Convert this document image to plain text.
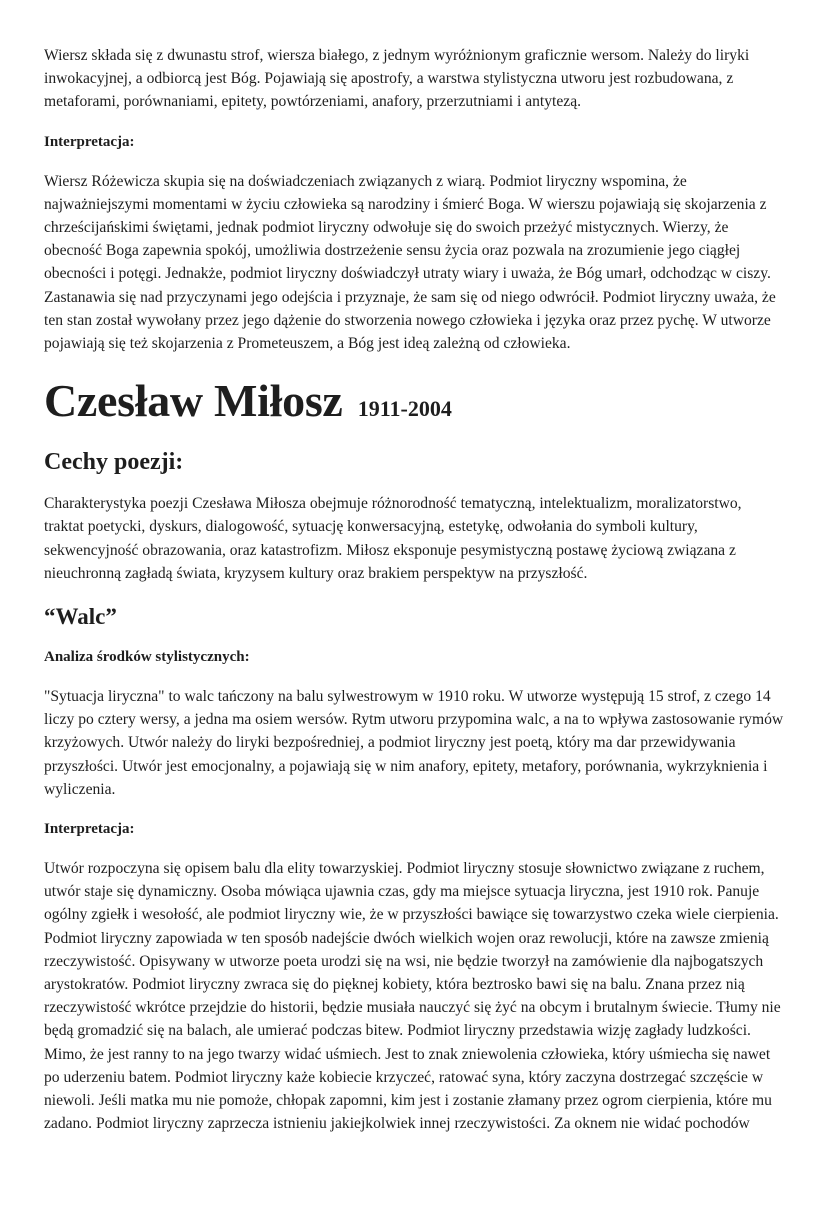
Wiersz składa się z dwunastu strof, wiersza białego, z jednym wyróżnionym graficznie wersom. Należy do liryki inwokacyjnej, a odbiorcą jest Bóg. Pojawiają się apostrofy, a warstwa stylistyczna utworu jest rozbudowana, z metaforami, porównaniami, epitety, powtórzeniami, anafory, przerzutniami i antytezą.

Interpretacja:

Wiersz Różewicza skupia się na doświadczeniach związanych z wiarą. Podmiot liryczny wspomina, że najważniejszymi momentami w życiu człowieka są narodziny i śmierć Boga. W wierszu pojawiają się skojarzenia z chrześcijańskimi świętami, jednak podmiot liryczny odwołuje się do swoich przeżyć mistycznych. Wierzy, że obecność Boga zapewnia spokój, umożliwia dostrzeżenie sensu życia oraz pozwala na zrozumienie jego ciągłej obecności i potęgi. Jednakże, podmiot liryczny doświadczył utraty wiary i uważa, że Bóg umarł, odchodząc w ciszy. Zastanawia się nad przyczynami jego odejścia i przyznaje, że sam się od niego odwrócił. Podmiot liryczny uważa, że ten stan został wywołany przez jego dążenie do stworzenia nowego człowieka i języka oraz przez pychę. W utworze pojawiają się też skojarzenia z Prometeuszem, a Bóg jest ideą zależną od człowieka.

Czesław Miłosz 1911-2004
Cechy poezji:

Charakterystyka poezji Czesława Miłosza obejmuje różnorodność tematyczną, intelektualizm, moralizatorstwo, traktat poetycki, dyskurs, dialogowość, sytuację konwersacyjną, estetykę, odwołania do symboli kultury, sekwencyjność obrazowania, oraz katastrofizm. Miłosz eksponuje pesymistyczną postawę życiową związana z nieuchronną zagładą świata, kryzysem kultury oraz brakiem perspektyw na przyszłość.

“Walc”

Analiza środków stylistycznych:

"Sytuacja liryczna" to walc tańczony na balu sylwestrowym w 1910 roku. W utworze występują 15 strof, z czego 14 liczy po cztery wersy, a jedna ma osiem wersów. Rytm utworu przypomina walc, a na to wpływa zastosowanie rymów krzyżowych. Utwór należy do liryki bezpośredniej, a podmiot liryczny jest poetą, który ma dar przewidywania przyszłości. Utwór jest emocjonalny, a pojawiają się w nim anafory, epitety, metafory, porównania, wykrzyknienia i wyliczenia.

Interpretacja:

Utwór rozpoczyna się opisem balu dla elity towarzyskiej. Podmiot liryczny stosuje słownictwo związane z ruchem, utwór staje się dynamiczny. Osoba mówiąca ujawnia czas, gdy ma miejsce sytuacja liryczna, jest 1910 rok. Panuje ogólny zgiełk i wesołość, ale podmiot liryczny wie, że w przyszłości bawiące się towarzystwo czeka wiele cierpienia. Podmiot liryczny zapowiada w ten sposób nadejście dwóch wielkich wojen oraz rewolucji, które na zawsze zmienią rzeczywistość. Opisywany w utworze poeta urodzi się na wsi, nie będzie tworzył na zamówienie dla najbogatszych arystokratów. Podmiot liryczny zwraca się do pięknej kobiety, która beztrosko bawi się na balu. Znana przez nią rzeczywistość wkrótce przejdzie do historii, będzie musiała nauczyć się żyć na obcym i brutalnym świecie. Tłumy nie będą gromadzić się na balach, ale umierać podczas bitew. Podmiot liryczny przedstawia wizję zagłady ludzkości. Mimo, że jest ranny to na jego twarzy widać uśmiech. Jest to znak zniewolenia człowieka, który uśmiecha się nawet po uderzeniu batem. Podmiot liryczny każe kobiecie krzyczeć, ratować syna, który zaczyna dostrzegać szczęście w niewoli. Jeśli matka mu nie pomoże, chłopak zapomni, kim jest i zostanie złamany przez ogrom cierpienia, które mu zadano. Podmiot liryczny zaprzecza istnieniu jakiejkolwiek innej rzeczywistości. Za oknem nie widać pochodów
